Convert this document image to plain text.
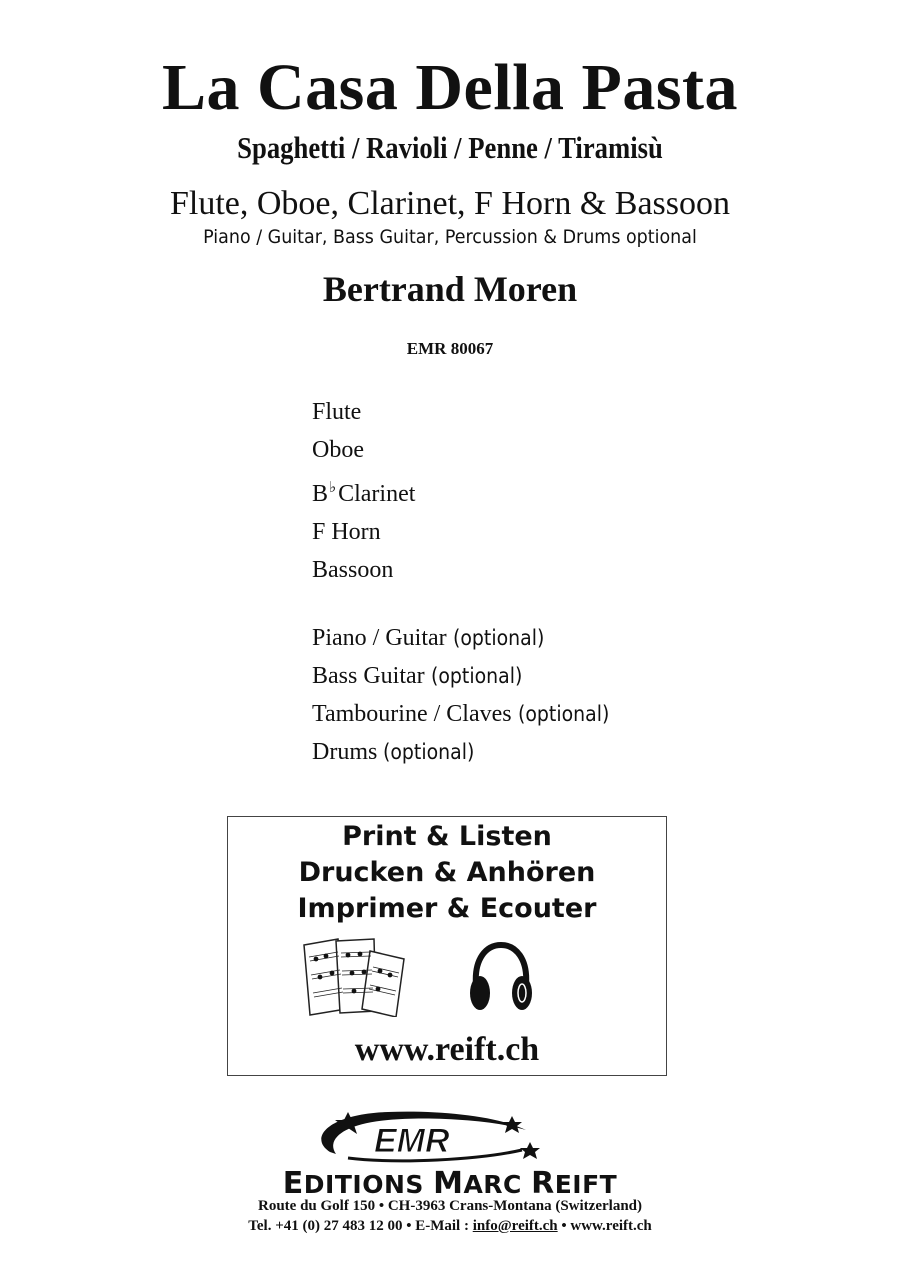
La Casa Della Pasta
Spaghetti / Ravioli / Penne / Tiramisù
Flute, Oboe, Clarinet, F Horn & Bassoon
Piano / Guitar, Bass Guitar, Percussion & Drums optional
Bertrand Moren
EMR 80067
Flute
Oboe
B♭Clarinet
F Horn
Bassoon
Piano / Guitar (optional)
Bass Guitar (optional)
Tambourine / Claves (optional)
Drums (optional)
Print & Listen
Drucken & Anhören
Imprimer & Ecouter
www.reift.ch
EMR
EDITIONS MARC REIFT
Route du Golf 150 • CH-3963 Crans-Montana (Switzerland)
Tel. +41 (0) 27 483 12 00 • E-Mail : info@reift.ch • www.reift.ch
